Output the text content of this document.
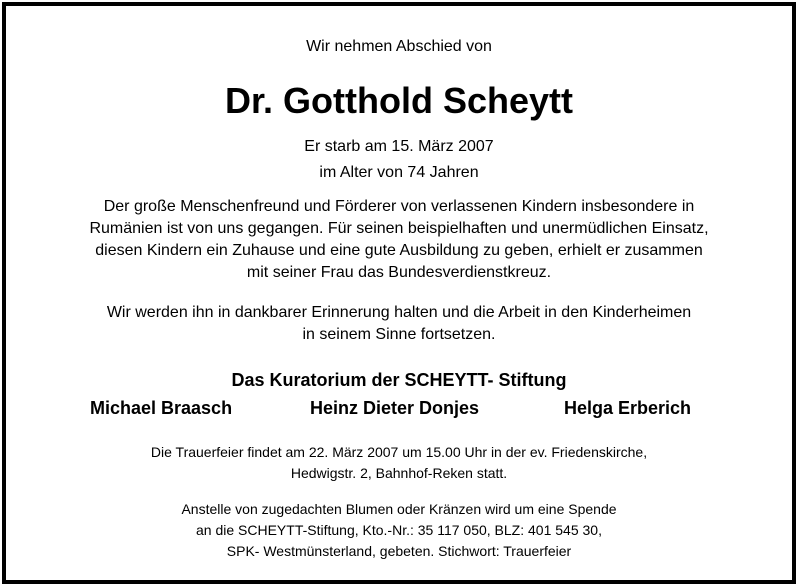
Wir nehmen Abschied von
Dr. Gotthold Scheytt
Er starb am 15. März 2007
im Alter von 74 Jahren
Der große Menschenfreund und Förderer von verlassenen Kindern insbesondere in
Rumänien ist von uns gegangen. Für seinen beispielhaften und unermüdlichen Einsatz,
diesen Kindern ein Zuhause und eine gute Ausbildung zu geben, erhielt er zusammen
mit seiner Frau das Bundesverdienstkreuz.
Wir werden ihn in dankbarer Erinnerung halten und die Arbeit in den Kinderheimen
in seinem Sinne fortsetzen.
Das Kuratorium der SCHEYTT- Stiftung
Michael Braasch	Heinz Dieter Donjes	Helga Erberich
Die Trauerfeier findet am 22. März 2007 um 15.00 Uhr in der ev. Friedenskirche,
Hedwigstr. 2, Bahnhof-Reken statt.
Anstelle von zugedachten Blumen oder Kränzen wird um eine Spende
an die SCHEYTT-Stiftung, Kto.-Nr.: 35 117 050, BLZ: 401 545 30,
SPK- Westmünsterland, gebeten. Stichwort: Trauerfeier
